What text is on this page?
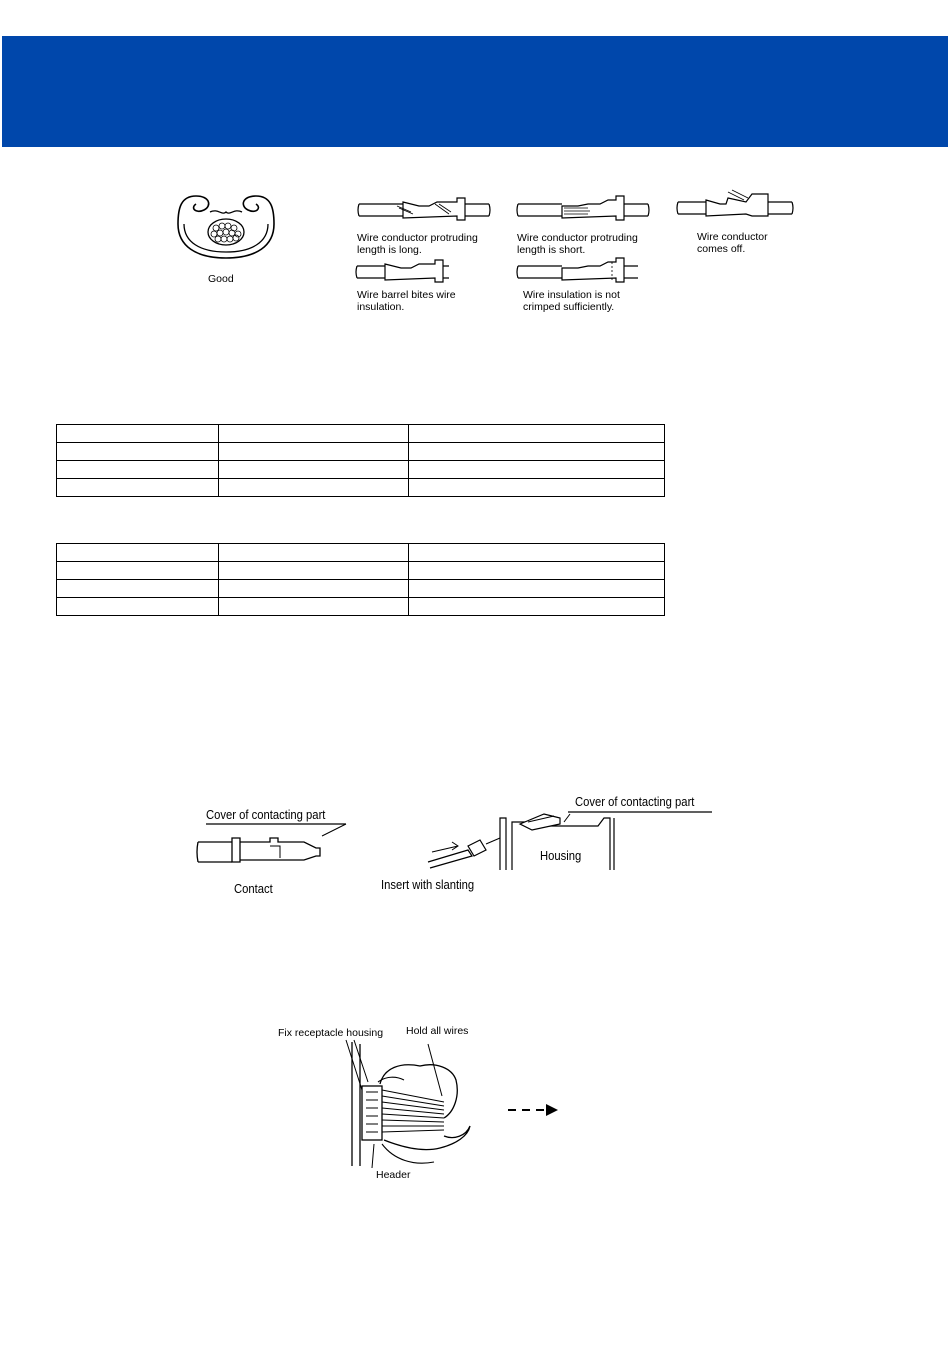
Good
Wire conductor protruding
length is long.
Wire conductor protruding
length is short.
Wire conductor
comes off.
Wire barrel bites wire
insulation.
Wire insulation is not
crimped sufficiently.

Cover of contacting part
Contact
Cover of contacting part
Housing
Insert with slanting
Fix receptacle housing Hold all wires
Header
